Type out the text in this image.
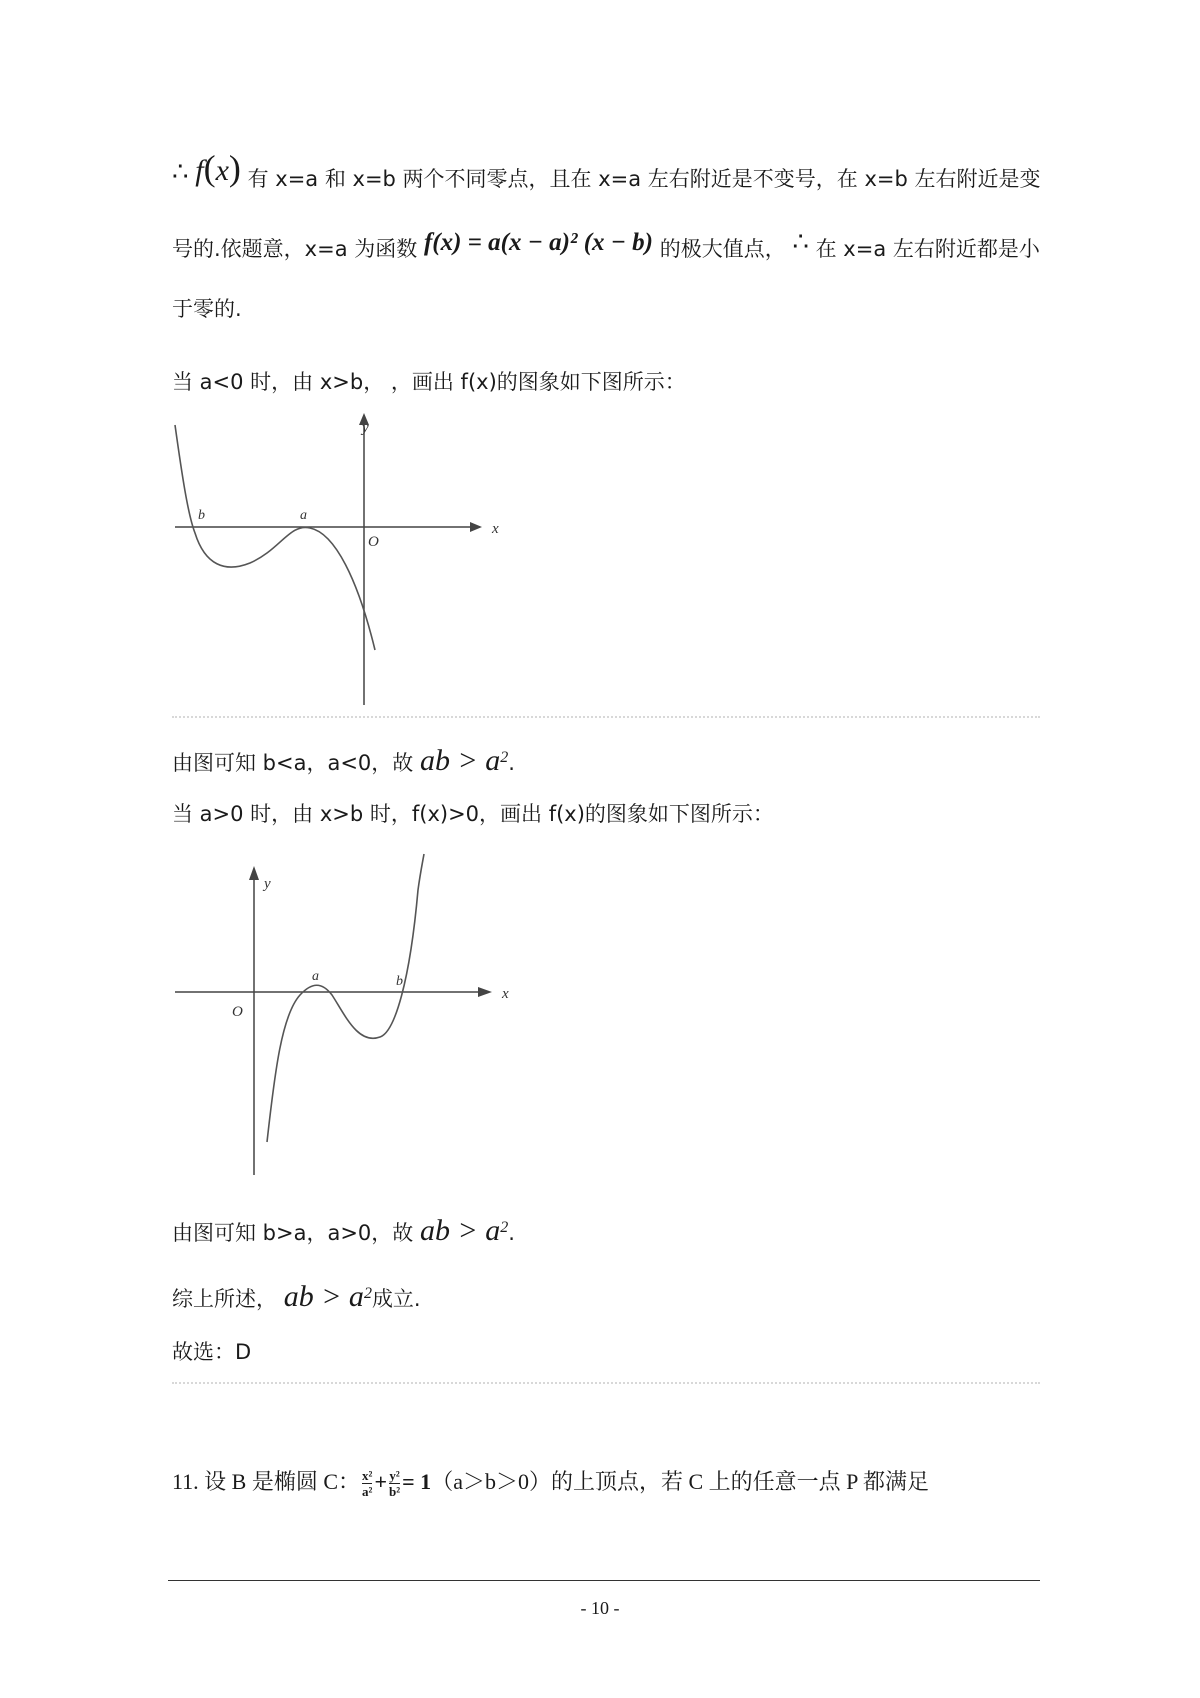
∴ f(x) 有 x=a 和 x=b 两个不同零点，且在 x=a 左右附近是不变号，在 x=b 左右附近是变
号的.依题意，x=a 为函数 f(x) = a(x − a)² (x − b) 的极大值点， ∴ 在 x=a 左右附近都是小
于零的.
当 a<0 时，由 x>b， ，画出 f(x)的图象如下图所示：
y
x
O
a
b
由图可知 b<a，a<0，故 ab > $a^2$.
当 a>0 时，由 x>b 时，f(x)>0，画出 f(x)的图象如下图所示：
y
x
O
a	b
由图可知 b>a，a>0，故 ab > $a^2$.
综上所述， ab > $a^2$成立.
故选：D
11. 设 B 是椭圆 C： $\frac{\text{x²}}{\text{a²}} + \frac{\text{y²}}{\text{b²}} = 1(a>b>0)$的上顶点，若 C 上的任意一点 P 都满足
- 10 -
